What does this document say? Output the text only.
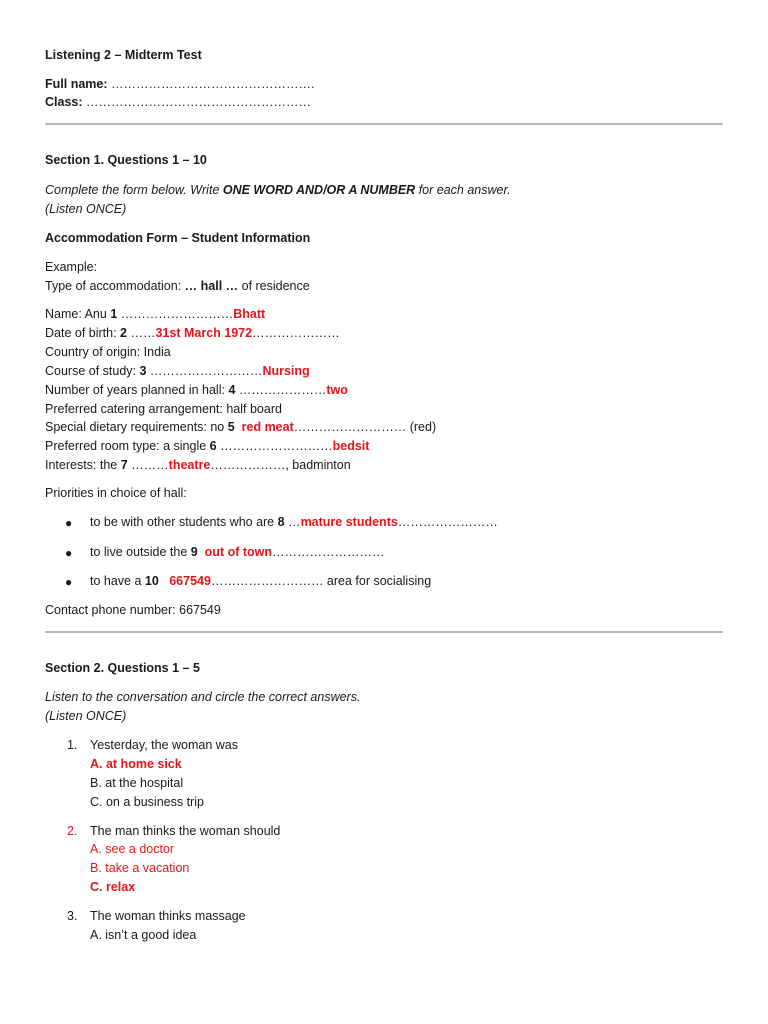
Listening 2 – Midterm Test
Full name: ………………………………………….
Class: ………………………………………………
Section 1. Questions 1 – 10
Complete the form below. Write ONE WORD AND/OR A NUMBER for each answer.
(Listen ONCE)
Accommodation Form – Student Information
Example:
Type of accommodation: … hall … of residence
Name: Anu 1 ………………………Bhatt
Date of birth: 2 ……31st March 1972…………………
Country of origin: India
Course of study: 3 ………………………Nursing
Number of years planned in hall: 4 …………………two
Preferred catering arrangement: half board
Special dietary requirements: no 5 red meat……………………… (red)
Preferred room type: a single 6 ………………………bedsit
Interests: the 7 ………theatre………………, badminton
Priorities in choice of hall:
● to be with other students who are 8 …mature students……………………
● to live outside the 9 out of town………………………
● to have a 10 667549……………………… area for socialising
Contact phone number: 667549
Section 2. Questions 1 – 5
Listen to the conversation and circle the correct answers.
(Listen ONCE)
1. Yesterday, the woman was
A. at home sick
B. at the hospital
C. on a business trip
2. The man thinks the woman should
A. see a doctor
B. take a vacation
C. relax
3. The woman thinks massage
A. isn’t a good idea
